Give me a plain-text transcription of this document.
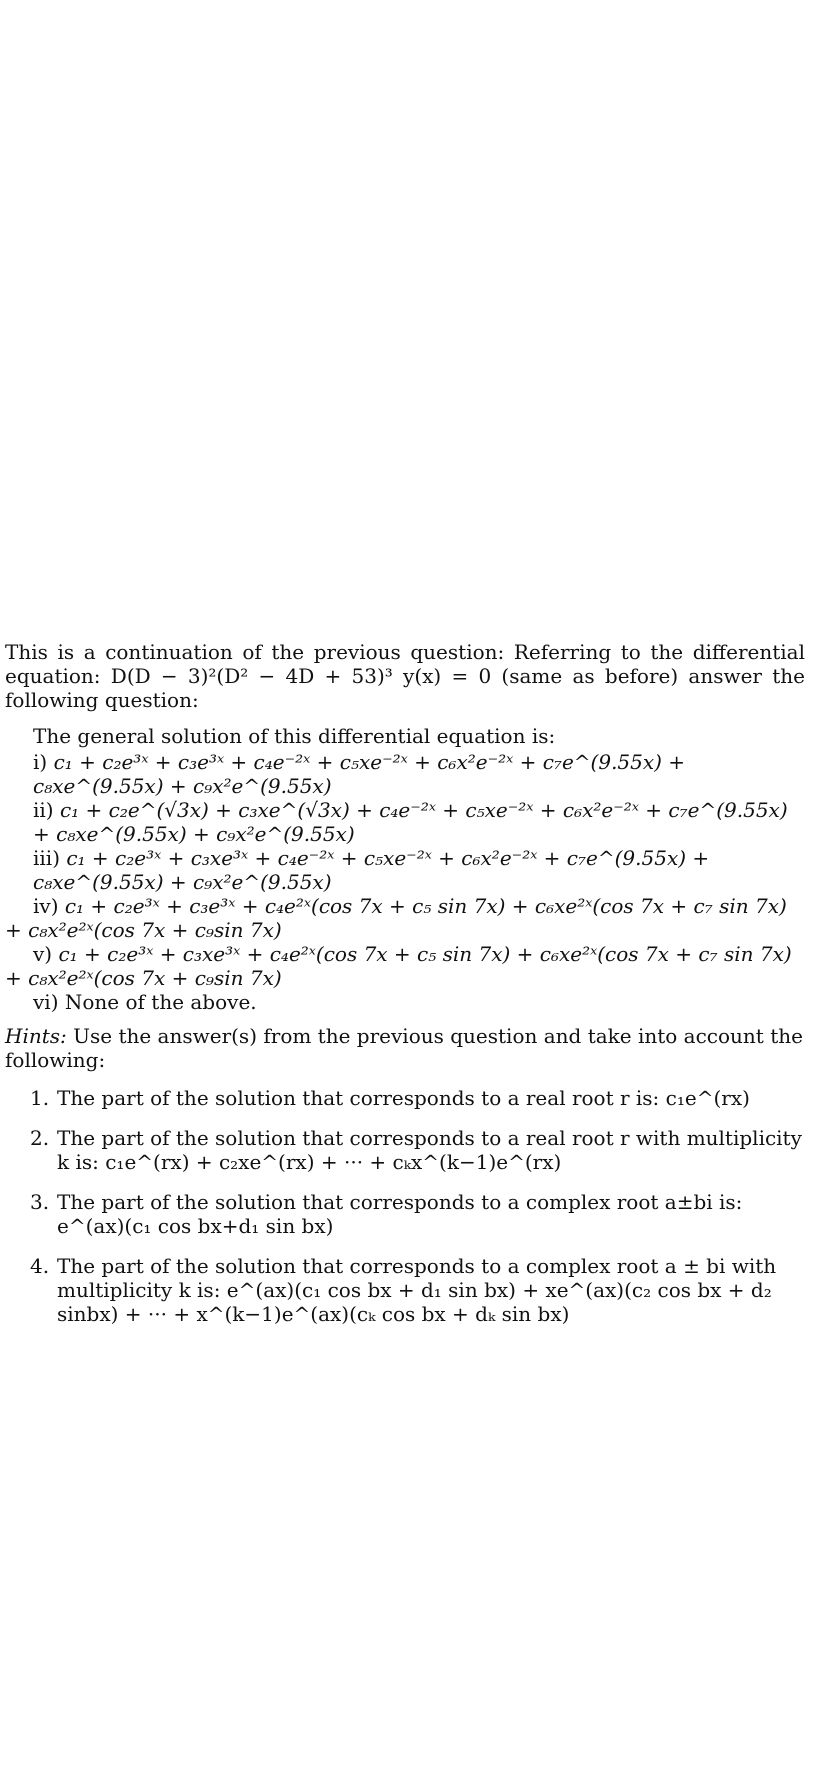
This is a continuation of the previous question: Referring to the differential equation: D(D − 3)²(D² − 4D + 53)³ y(x) = 0 (same as before) answer the following question:

The general solution of this differential equation is:

i) c₁ + c₂e³ˣ + c₃e³ˣ + c₄e⁻²ˣ + c₅xe⁻²ˣ + c₆x²e⁻²ˣ + c₇e^(9.55x) + c₈xe^(9.55x) + c₉x²e^(9.55x)

ii) c₁ + c₂e^(√3x) + c₃xe^(√3x) + c₄e⁻²ˣ + c₅xe⁻²ˣ + c₆x²e⁻²ˣ + c₇e^(9.55x) + c₈xe^(9.55x) + c₉x²e^(9.55x)

iii) c₁ + c₂e³ˣ + c₃xe³ˣ + c₄e⁻²ˣ + c₅xe⁻²ˣ + c₆x²e⁻²ˣ + c₇e^(9.55x) + c₈xe^(9.55x) + c₉x²e^(9.55x)

iv) c₁ + c₂e³ˣ + c₃e³ˣ + c₄e²ˣ(cos 7x + c₅ sin 7x) + c₆xe²ˣ(cos 7x + c₇ sin 7x) + c₈x²e²ˣ(cos 7x + c₉sin 7x)

v) c₁ + c₂e³ˣ + c₃xe³ˣ + c₄e²ˣ(cos 7x + c₅ sin 7x) + c₆xe²ˣ(cos 7x + c₇ sin 7x) + c₈x²e²ˣ(cos 7x + c₉sin 7x)

vi) None of the above.

Hints: Use the answer(s) from the previous question and take into account the following:

1. The part of the solution that corresponds to a real root r is: c₁e^(rx)
2. The part of the solution that corresponds to a real root r with multiplicity k is: c₁e^(rx) + c₂xe^(rx) + ··· + cₖx^(k−1)e^(rx)
3. The part of the solution that corresponds to a complex root a±bi is: e^(ax)(c₁ cos bx+d₁ sin bx)
4. The part of the solution that corresponds to a complex root a ± bi with multiplicity k is: e^(ax)(c₁ cos bx + d₁ sin bx) + xe^(ax)(c₂ cos bx + d₂ sinbx) + ··· + x^(k−1)e^(ax)(cₖ cos bx + dₖ sin bx)
